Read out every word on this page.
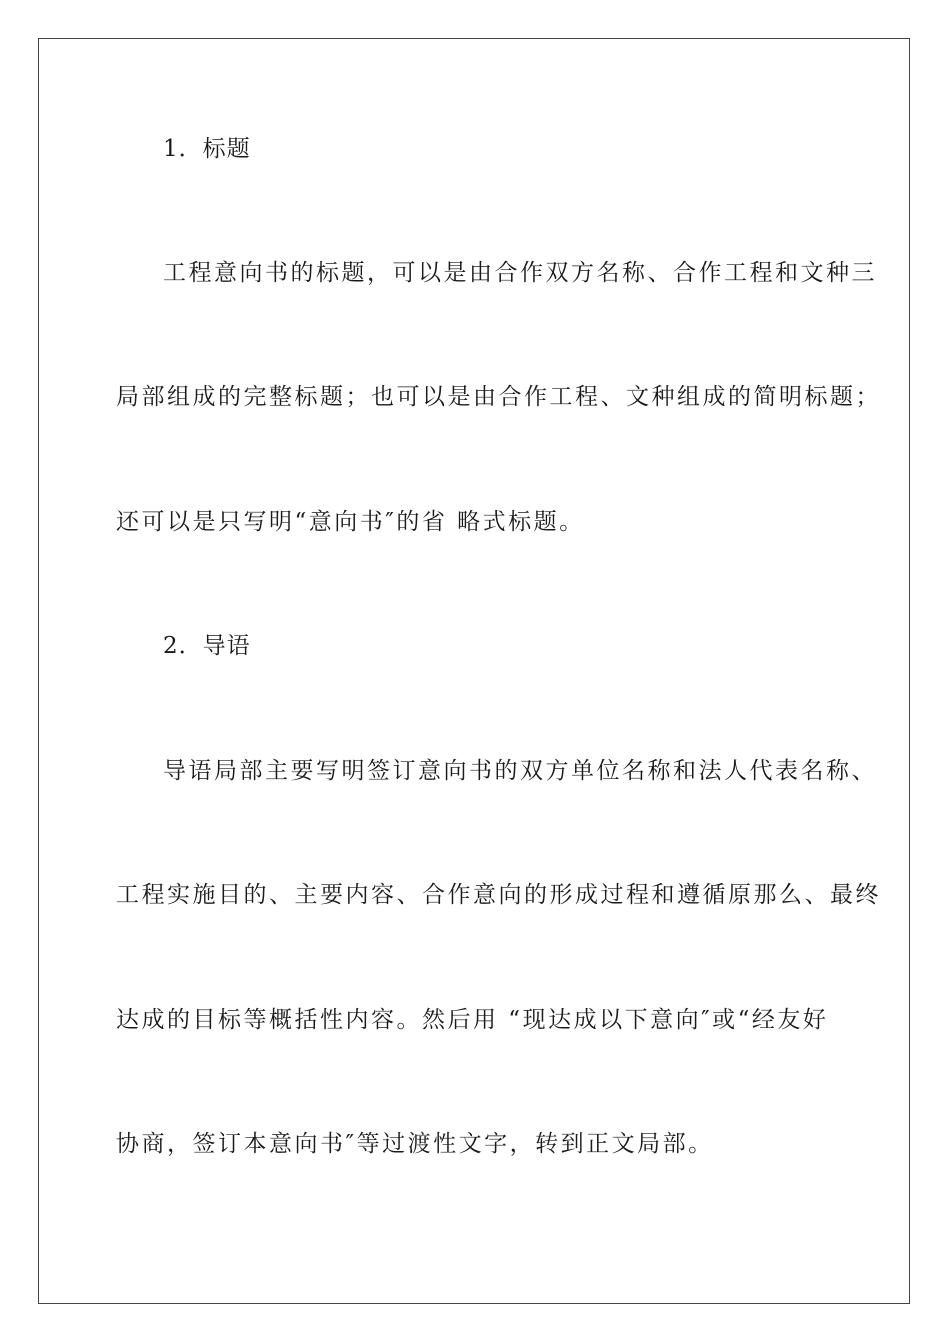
1．标题
工程意向书的标题，可以是由合作双方名称、合作工程和文种三
局部组成的完整标题；也可以是由合作工程、文种组成的简明标题；
还可以是只写明“意向书″的省 略式标题。
2．导语
导语局部主要写明签订意向书的双方单位名称和法人代表名称、
工程实施目的、主要内容、合作意向的形成过程和遵循原那么、最终
达成的目标等概括性内容。然后用 “现达成以下意向″或“经友好
协商，签订本意向书″等过渡性文字，转到正文局部。
